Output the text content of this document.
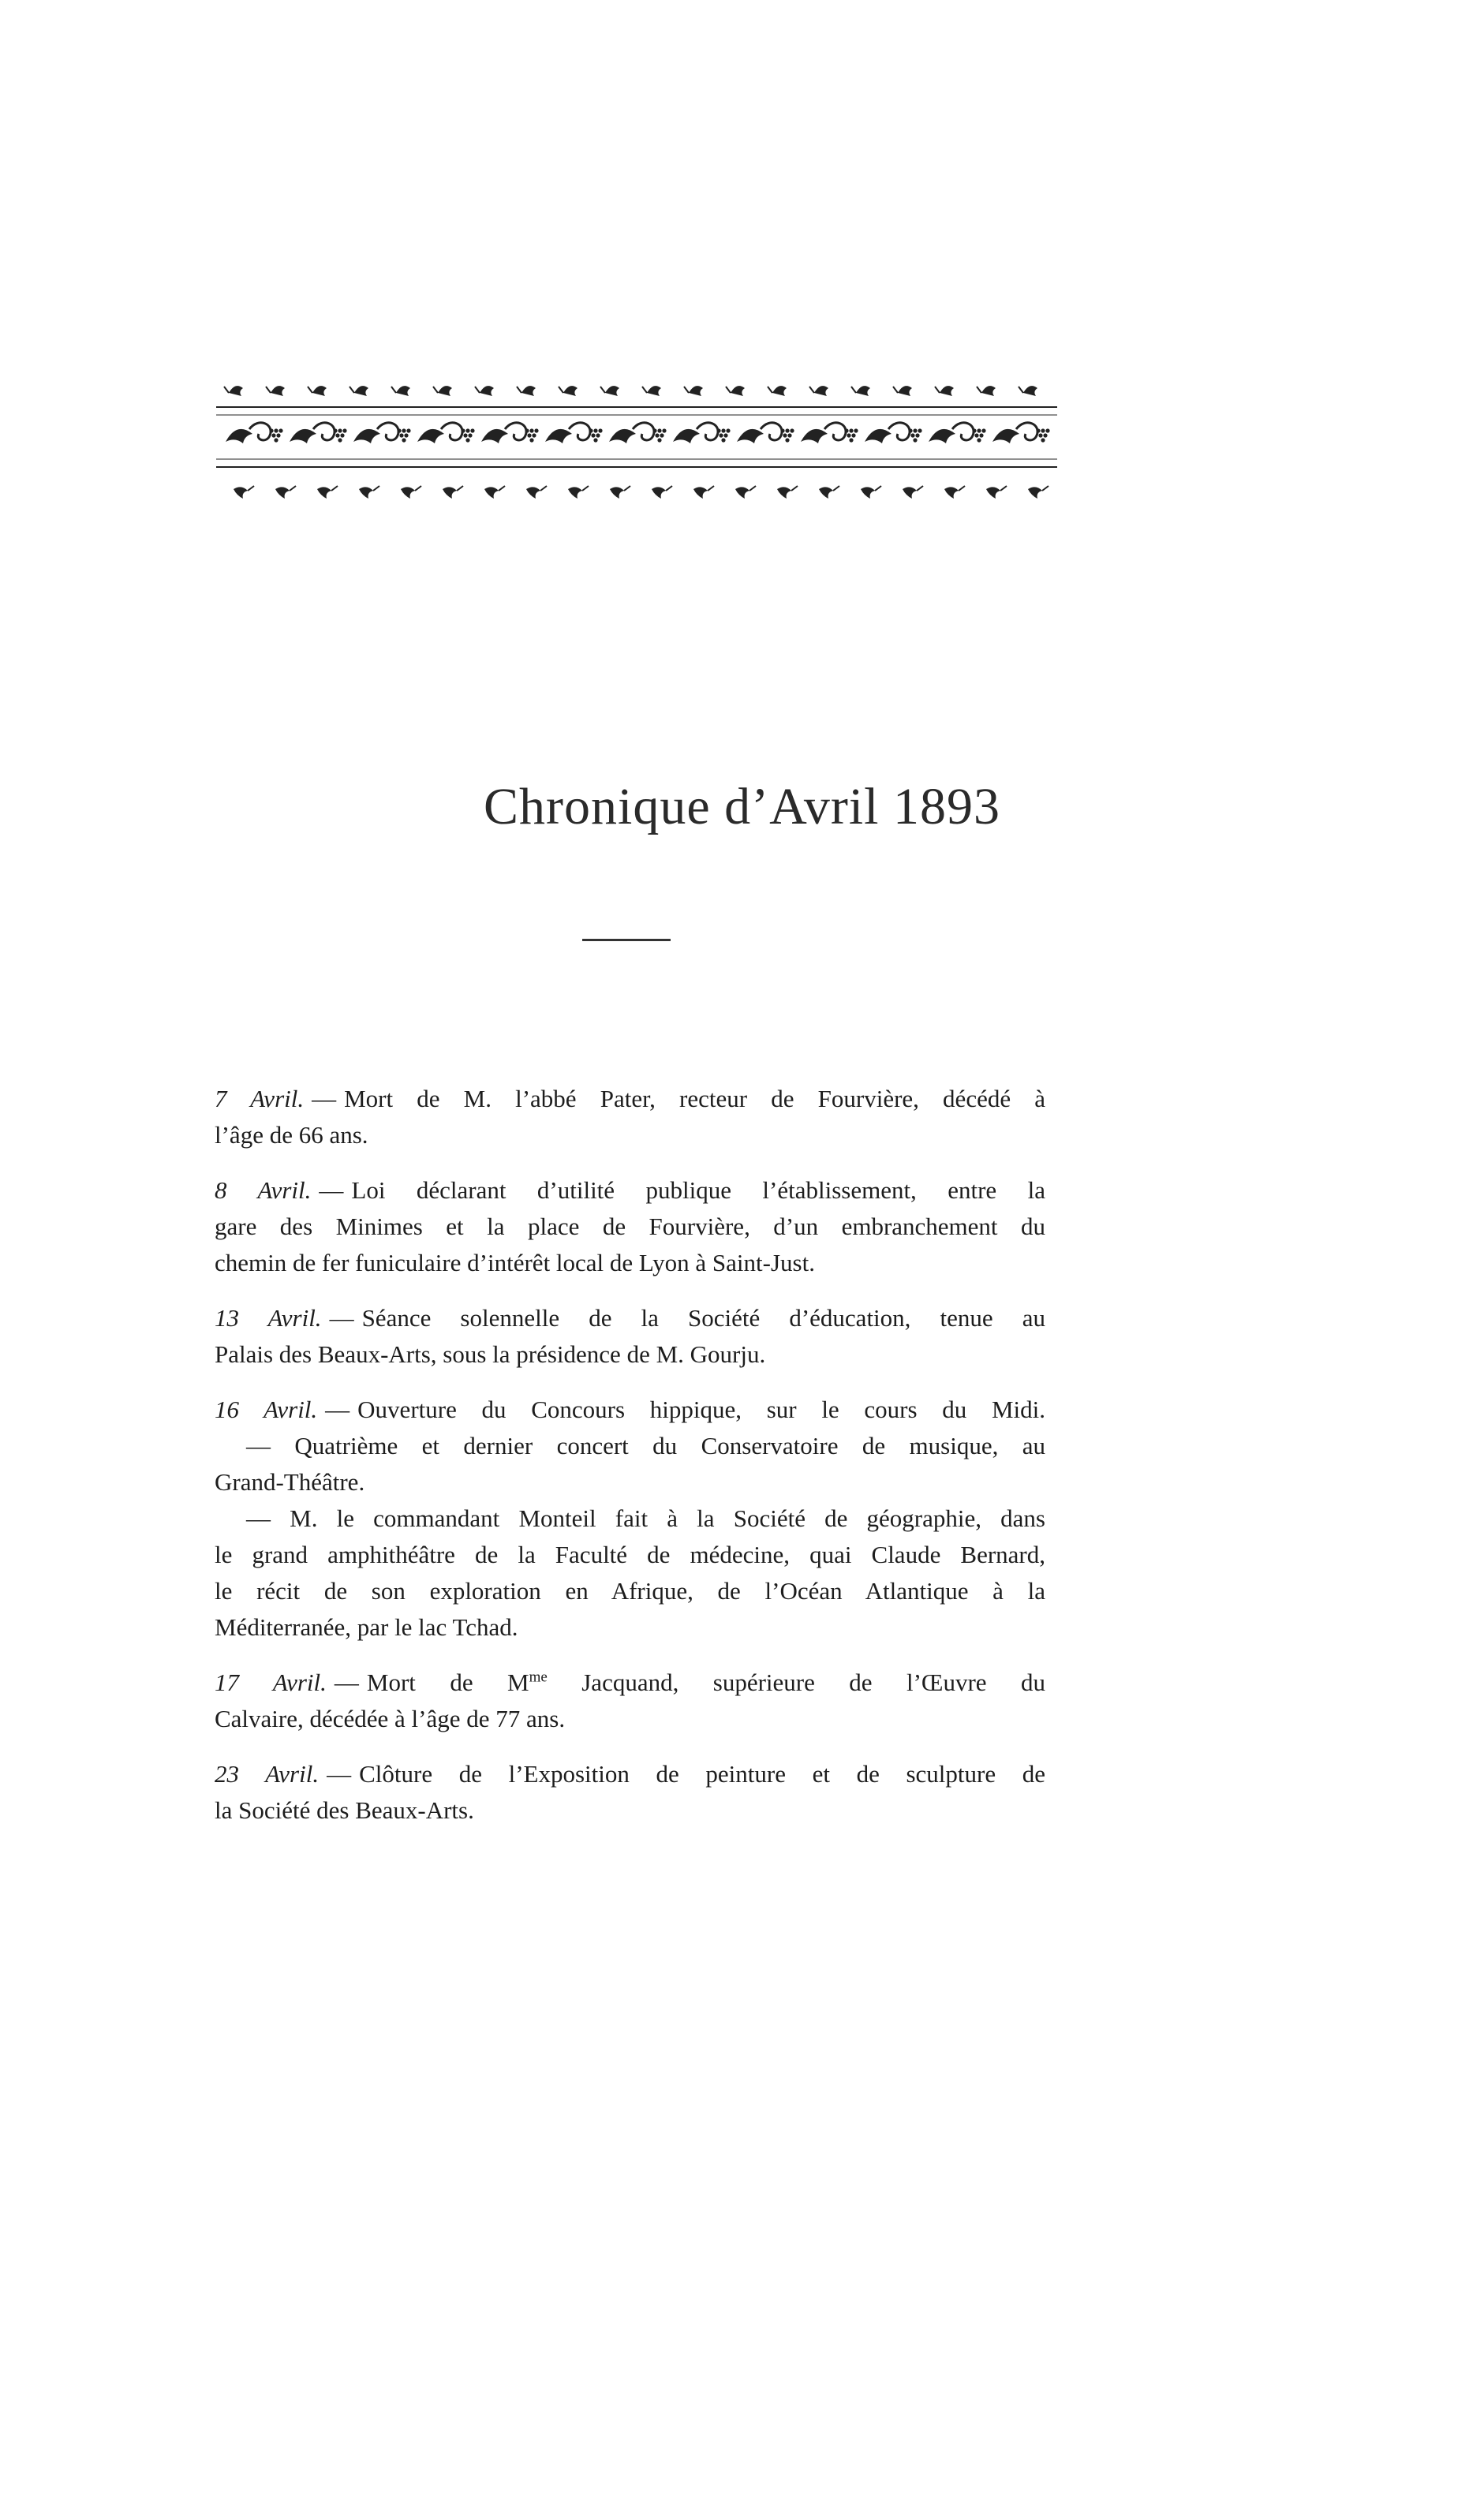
Chronique d’Avril 1893
7 Avril. — Mort de M. l’abbé Pater, recteur de Fourvière, décédé à
l’âge de 66 ans.
8 Avril. — Loi déclarant d’utilité publique l’établissement, entre la
gare des Minimes et la place de Fourvière, d’un embranchement du
chemin de fer funiculaire d’intérêt local de Lyon à Saint-Just.
13 Avril. — Séance solennelle de la Société d’éducation, tenue au
Palais des Beaux-Arts, sous la présidence de M. Gourju.
16 Avril. — Ouverture du Concours hippique, sur le cours du Midi.
— Quatrième et dernier concert du Conservatoire de musique, au
Grand-Théâtre.
— M. le commandant Monteil fait à la Société de géographie, dans
le grand amphithéâtre de la Faculté de médecine, quai Claude Bernard,
le récit de son exploration en Afrique, de l’Océan Atlantique à la
Méditerranée, par le lac Tchad.
17 Avril. — Mort de $M^{me}$ Jacquand, supérieure de l’Œuvre du
Calvaire, décédée à l’âge de 77 ans.
23 Avril. — Clôture de l’Exposition de peinture et de sculpture de
la Société des Beaux-Arts.
